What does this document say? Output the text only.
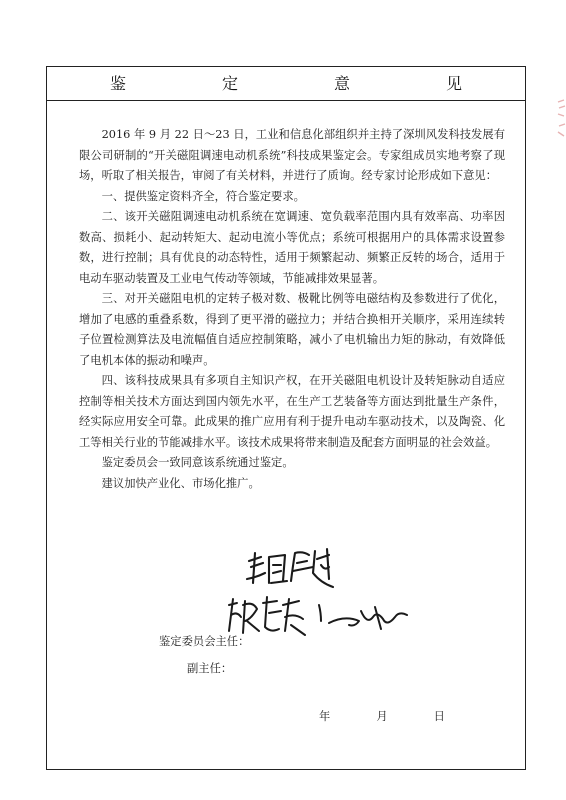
鉴　定　意　见

2016 年 9 月 22 日～23 日，工业和信息化部组织并主持了深圳风发科技发展有限公司研制的“开关磁阻调速电动机系统”科技成果鉴定会。专家组成员实地考察了现场，听取了相关报告，审阅了有关材料，并进行了质询。经专家讨论形成如下意见：

一、提供鉴定资料齐全，符合鉴定要求。

二、该开关磁阻调速电动机系统在宽调速、宽负载率范围内具有效率高、功率因数高、损耗小、起动转矩大、起动电流小等优点；系统可根据用户的具体需求设置参数，进行控制；具有优良的动态特性，适用于频繁起动、频繁正反转的场合，适用于电动车驱动装置及工业电气传动等领域，节能减排效果显著。

三、对开关磁阻电机的定转子极对数、极靴比例等电磁结构及参数进行了优化，增加了电感的重叠系数，得到了更平滑的磁拉力；并结合换相开关顺序，采用连续转子位置检测算法及电流幅值自适应控制策略，减小了电机输出力矩的脉动，有效降低了电机本体的振动和噪声。

四、该科技成果具有多项自主知识产权，在开关磁阻电机设计及转矩脉动自适应控制等相关技术方面达到国内领先水平，在生产工艺装备等方面达到批量生产条件，经实际应用安全可靠。此成果的推广应用有利于提升电动车驱动技术，以及陶瓷、化工等相关行业的节能减排水平。该技术成果将带来制造及配套方面明显的社会效益。

鉴定委员会一致同意该系统通过鉴定。

建议加快产业化、市场化推广。

鉴定委员会主任：
副主任：
年	月	日
